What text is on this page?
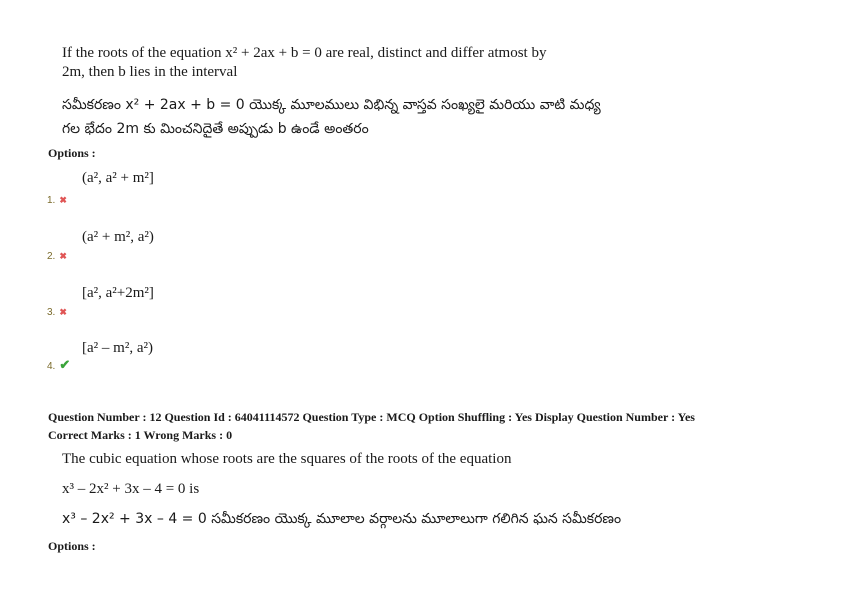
If the roots of the equation x² + 2ax + b = 0 are real, distinct and differ atmost by
2m, then b lies in the interval
సమీకరణం x² + 2ax + b = 0 యొక్క మూలములు విభిన్న వాస్తవ సంఖ్యలై మరియు వాటి మధ్య
గల భేదం 2m కు మించనిదైతే అప్పుడు b ఉండే అంతరం
Options :
(a², a² + m²]
1. ✖
(a² + m², a²)
2. ✖
[a², a²+2m²]
3. ✖
[a² – m², a²)
4. ✔
Question Number : 12 Question Id : 64041114572 Question Type : MCQ Option Shuffling : Yes Display Question Number : Yes
Correct Marks : 1 Wrong Marks : 0
The cubic equation whose roots are the squares of the roots of the equation
x³ – 2x² + 3x – 4 = 0 is
x³ – 2x² + 3x – 4 = 0 సమీకరణం యొక్క మూలాల వర్గాలను మూలాలుగా గలిగిన ఘన సమీకరణం
Options :
